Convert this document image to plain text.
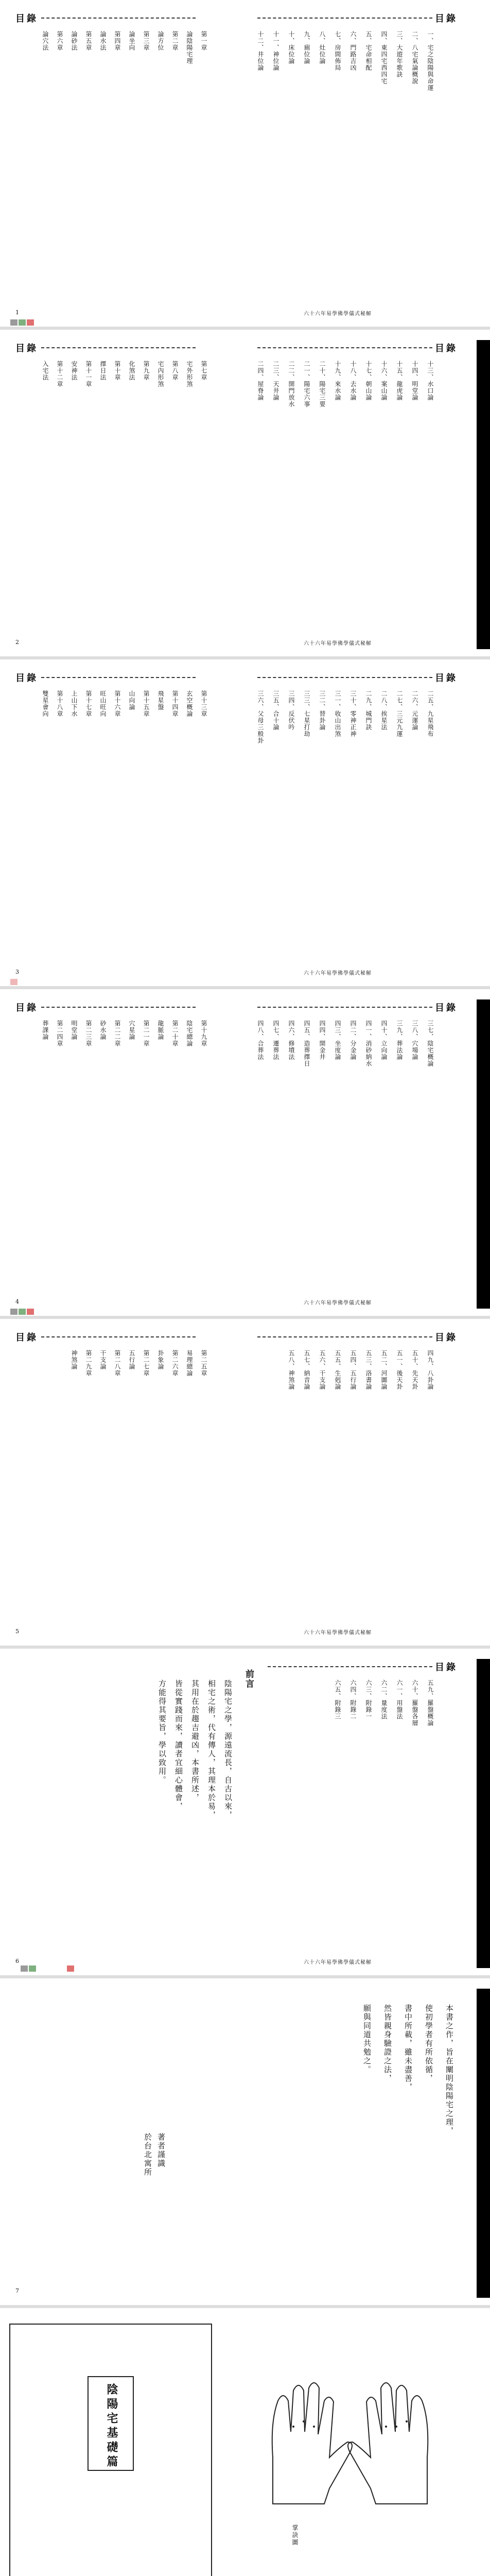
目錄	目錄
一、宅之陰陽與命運
二、八宅氣論概說
三、大遊年歌訣
四、東四宅西四宅
五、宅命相配
六、門路吉凶
七、房間佈局
八、灶位論
九、廁位論
十、床位論
十一、神位論
十二、井位論
第一章
論陰陽宅理
第二章
論方位
第三章
論坐向
第四章
論水法
第五章
論砂法
第六章
論穴法
六十六年易學佛學儀式秘解
1
目錄	目錄
十三、水口論
十四、明堂論
十五、龍虎論
十六、案山論
十七、朝山論
十八、去水論
十九、來水論
二十、陽宅三要
二一、陽宅六事
二二、開門放水
二三、天井論
二四、屋脊論
第七章
宅外形煞
第八章
宅內形煞
第九章
化煞法
第十章
擇日法
第十一章
安神法
第十二章
入宅法
六十六年易學佛學儀式秘解
2
目錄	目錄
二五、九星飛布
二六、元運論
二七、三元九運
二八、挨星法
二九、城門訣
三十、零神正神
三一、收山出煞
三二、替卦論
三三、七星打劫
三四、反伏吟
三五、合十論
三六、父母三般卦
第十三章
玄空概論
第十四章
飛星盤
第十五章
山向論
第十六章
旺山旺向
第十七章
上山下水
第十八章
雙星會向
六十六年易學佛學儀式秘解
3
目錄	目錄
三七、陰宅概論
三八、穴場論
三九、葬法論
四十、立向論
四一、消砂納水
四二、分金論
四三、坐度論
四四、開金井
四五、造葬擇日
四六、修墳法
四七、遷葬法
四八、合葬法
第十九章
陰宅總論
第二十章
龍脈論
第二一章
穴星論
第二二章
砂水論
第二三章
明堂論
第二四章
葬課論
六十六年易學佛學儀式秘解
4
目錄	目錄
四九、八卦論
五十、先天卦
五一、後天卦
五二、河圖論
五三、洛書論
五四、五行論
五五、生剋論
五六、干支論
五七、納音論
五八、神煞論
第二五章
易理總論
第二六章
卦象論
第二七章
五行論
第二八章
干支論
第二九章
神煞論
六十六年易學佛學儀式秘解
5
目錄
五九、羅盤概論
六十、羅盤各層
六一、用盤法
六二、量度法
六三、附錄一
六四、附錄二
六五、附錄三
前言
陰陽宅之學，源遠流長，自古以來，
相宅之術，代有傳人，其理本於易，
其用在於趨吉避凶，本書所述，
皆從實踐而來，讀者宜細心體會，
方能得其要旨，學以致用。
六十六年易學佛學儀式秘解
6
本書之作，旨在闡明陰陽宅之理，
使初學者有所依循，
書中所載，雖未盡善，
然皆親身驗證之法，
願與同道共勉之。
著者謹識
於台北寓所
7
陰陽宅基礎篇
掌訣圖
